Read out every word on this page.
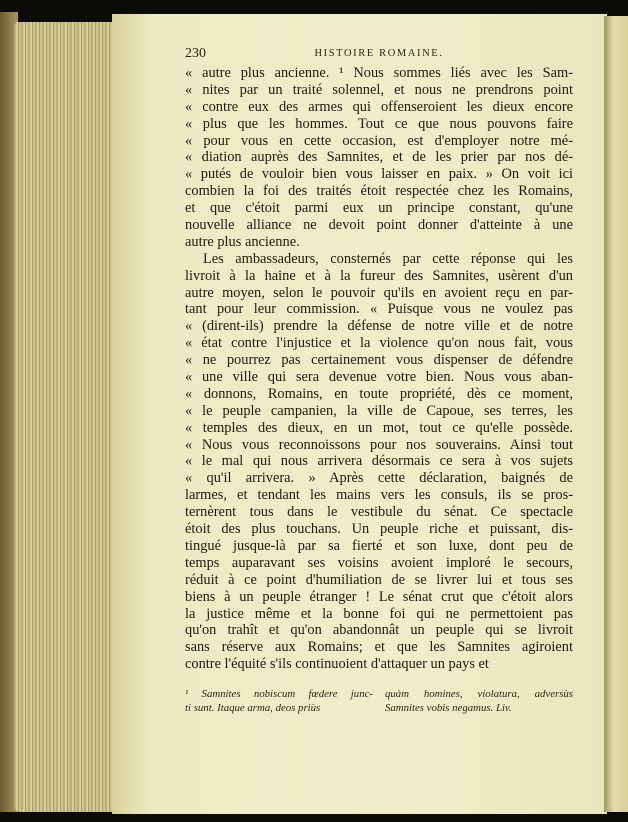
230	HISTOIRE ROMAINE.
« autre plus ancienne. ¹ Nous sommes liés avec les Sam-
« nites par un traité solennel, et nous ne prendrons point
« contre eux des armes qui offenseroient les dieux encore
« plus que les hommes. Tout ce que nous pouvons faire
« pour vous en cette occasion, est d'employer notre mé-
« diation auprès des Samnites, et de les prier par nos dé-
« putés de vouloir bien vous laisser en paix. » On voit ici
combien la foi des traités étoit respectée chez les Romains,
et que c'étoit parmi eux un principe constant, qu'une
nouvelle alliance ne devoit point donner d'atteinte à une
autre plus ancienne.
Les ambassadeurs, consternés par cette réponse qui les
livroit à la haine et à la fureur des Samnites, usèrent d'un
autre moyen, selon le pouvoir qu'ils en avoient reçu en par-
tant pour leur commission. « Puisque vous ne voulez pas
« (dirent-ils) prendre la défense de notre ville et de notre
« état contre l'injustice et la violence qu'on nous fait, vous
« ne pourrez pas certainement vous dispenser de défendre
« une ville qui sera devenue votre bien. Nous vous aban-
« donnons, Romains, en toute propriété, dès ce moment,
« le peuple campanien, la ville de Capoue, ses terres, les
« temples des dieux, en un mot, tout ce qu'elle possède.
« Nous vous reconnoissons pour nos souverains. Ainsi tout
« le mal qui nous arrivera désormais ce sera à vos sujets
« qu'il arrivera. » Après cette déclaration, baignés de
larmes, et tendant les mains vers les consuls, ils se pros-
ternèrent tous dans le vestibule du sénat. Ce spectacle
étoit des plus touchans. Un peuple riche et puissant, dis-
tingué jusque-là par sa fierté et son luxe, dont peu de
temps auparavant ses voisins avoient imploré le secours,
réduit à ce point d'humiliation de se livrer lui et tous ses
biens à un peuple étranger ! Le sénat crut que c'étoit alors
la justice même et la bonne foi qui ne permettoient pas
qu'on trahît et qu'on abandonnât un peuple qui se livroit
sans réserve aux Romains; et que les Samnites agiroient
contre l'équité s'ils continuoient d'attaquer un pays et
¹ Samnites nobiscum fœdere junc-
ti sunt. Itaque arma, deos priùs
quàm homines, violatura, adversùs
Samnites vobis negamus. Liv.
